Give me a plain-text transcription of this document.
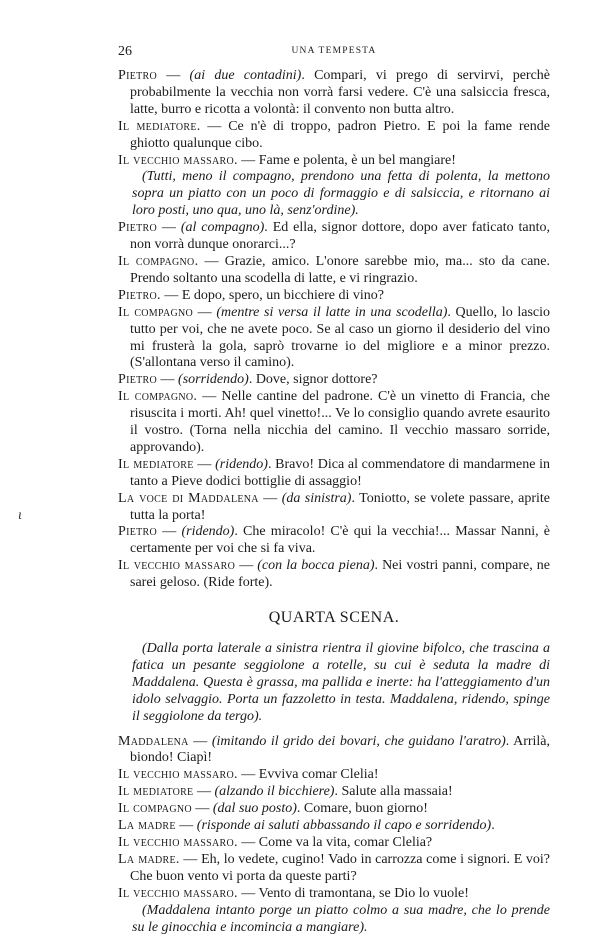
26	UNA TEMPESTA
ι

Pietro — (ai due contadini). Compari, vi prego di servirvi, perchè probabilmente la vecchia non vorrà farsi vedere. C'è una salsiccia fresca, latte, burro e ricotta a volontà: il convento non butta altro.

Il mediatore. — Ce n'è di troppo, padron Pietro. E poi la fame rende ghiotto qualunque cibo.

Il vecchio massaro. — Fame e polenta, è un bel mangiare!

(Tutti, meno il compagno, prendono una fetta di polenta, la mettono sopra un piatto con un poco di formaggio e di salsiccia, e ritornano ai loro posti, uno qua, uno là, senz'ordine).

Pietro — (al compagno). Ed ella, signor dottore, dopo aver faticato tanto, non vorrà dunque onorarci...?

Il compagno. — Grazie, amico. L'onore sarebbe mio, ma... sto da cane. Prendo soltanto una scodella di latte, e vi ringrazio.

Pietro. — E dopo, spero, un bicchiere di vino?

Il compagno — (mentre si versa il latte in una scodella). Quello, lo lascio tutto per voi, che ne avete poco. Se al caso un giorno il desiderio del vino mi frusterà la gola, saprò trovarne io del migliore e a minor prezzo. (S'allontana verso il camino).

Pietro — (sorridendo). Dove, signor dottore?

Il compagno. — Nelle cantine del padrone. C'è un vinetto di Francia, che risuscita i morti. Ah! quel vinetto!... Ve lo consiglio quando avrete esaurito il vostro. (Torna nella nicchia del camino. Il vecchio massaro sorride, approvando).

Il mediatore — (ridendo). Bravo! Dica al commendatore di mandarmene in tanto a Pieve dodici bottiglie di assaggio!

La voce di Maddalena — (da sinistra). Toniotto, se volete passare, aprite tutta la porta!

Pietro — (ridendo). Che miracolo! C'è qui la vecchia!... Massar Nanni, è certamente per voi che si fa viva.

Il vecchio massaro — (con la bocca piena). Nei vostri panni, compare, ne sarei geloso. (Ride forte).

QUARTA SCENA.

(Dalla porta laterale a sinistra rientra il giovine bifolco, che trascina a fatica un pesante seggiolone a rotelle, su cui è seduta la madre di Maddalena. Questa è grassa, ma pallida e inerte: ha l'atteggiamento d'un idolo selvaggio. Porta un fazzoletto in testa. Maddalena, ridendo, spinge il seggiolone da tergo).

Maddalena — (imitando il grido dei bovari, che guidano l'aratro). Arrilà, biondo! Ciapì!

Il vecchio massaro. — Evviva comar Clelia!

Il mediatore — (alzando il bicchiere). Salute alla massaia!

Il compagno — (dal suo posto). Comare, buon giorno!

La madre — (risponde ai saluti abbassando il capo e sorridendo).

Il vecchio massaro. — Come va la vita, comar Clelia?

La madre. — Eh, lo vedete, cugino! Vado in carrozza come i signori. E voi? Che buon vento vi porta da queste parti?

Il vecchio massaro. — Vento di tramontana, se Dio lo vuole!

(Maddalena intanto porge un piatto colmo a sua madre, che lo prende su le ginocchia e incomincia a mangiare).
